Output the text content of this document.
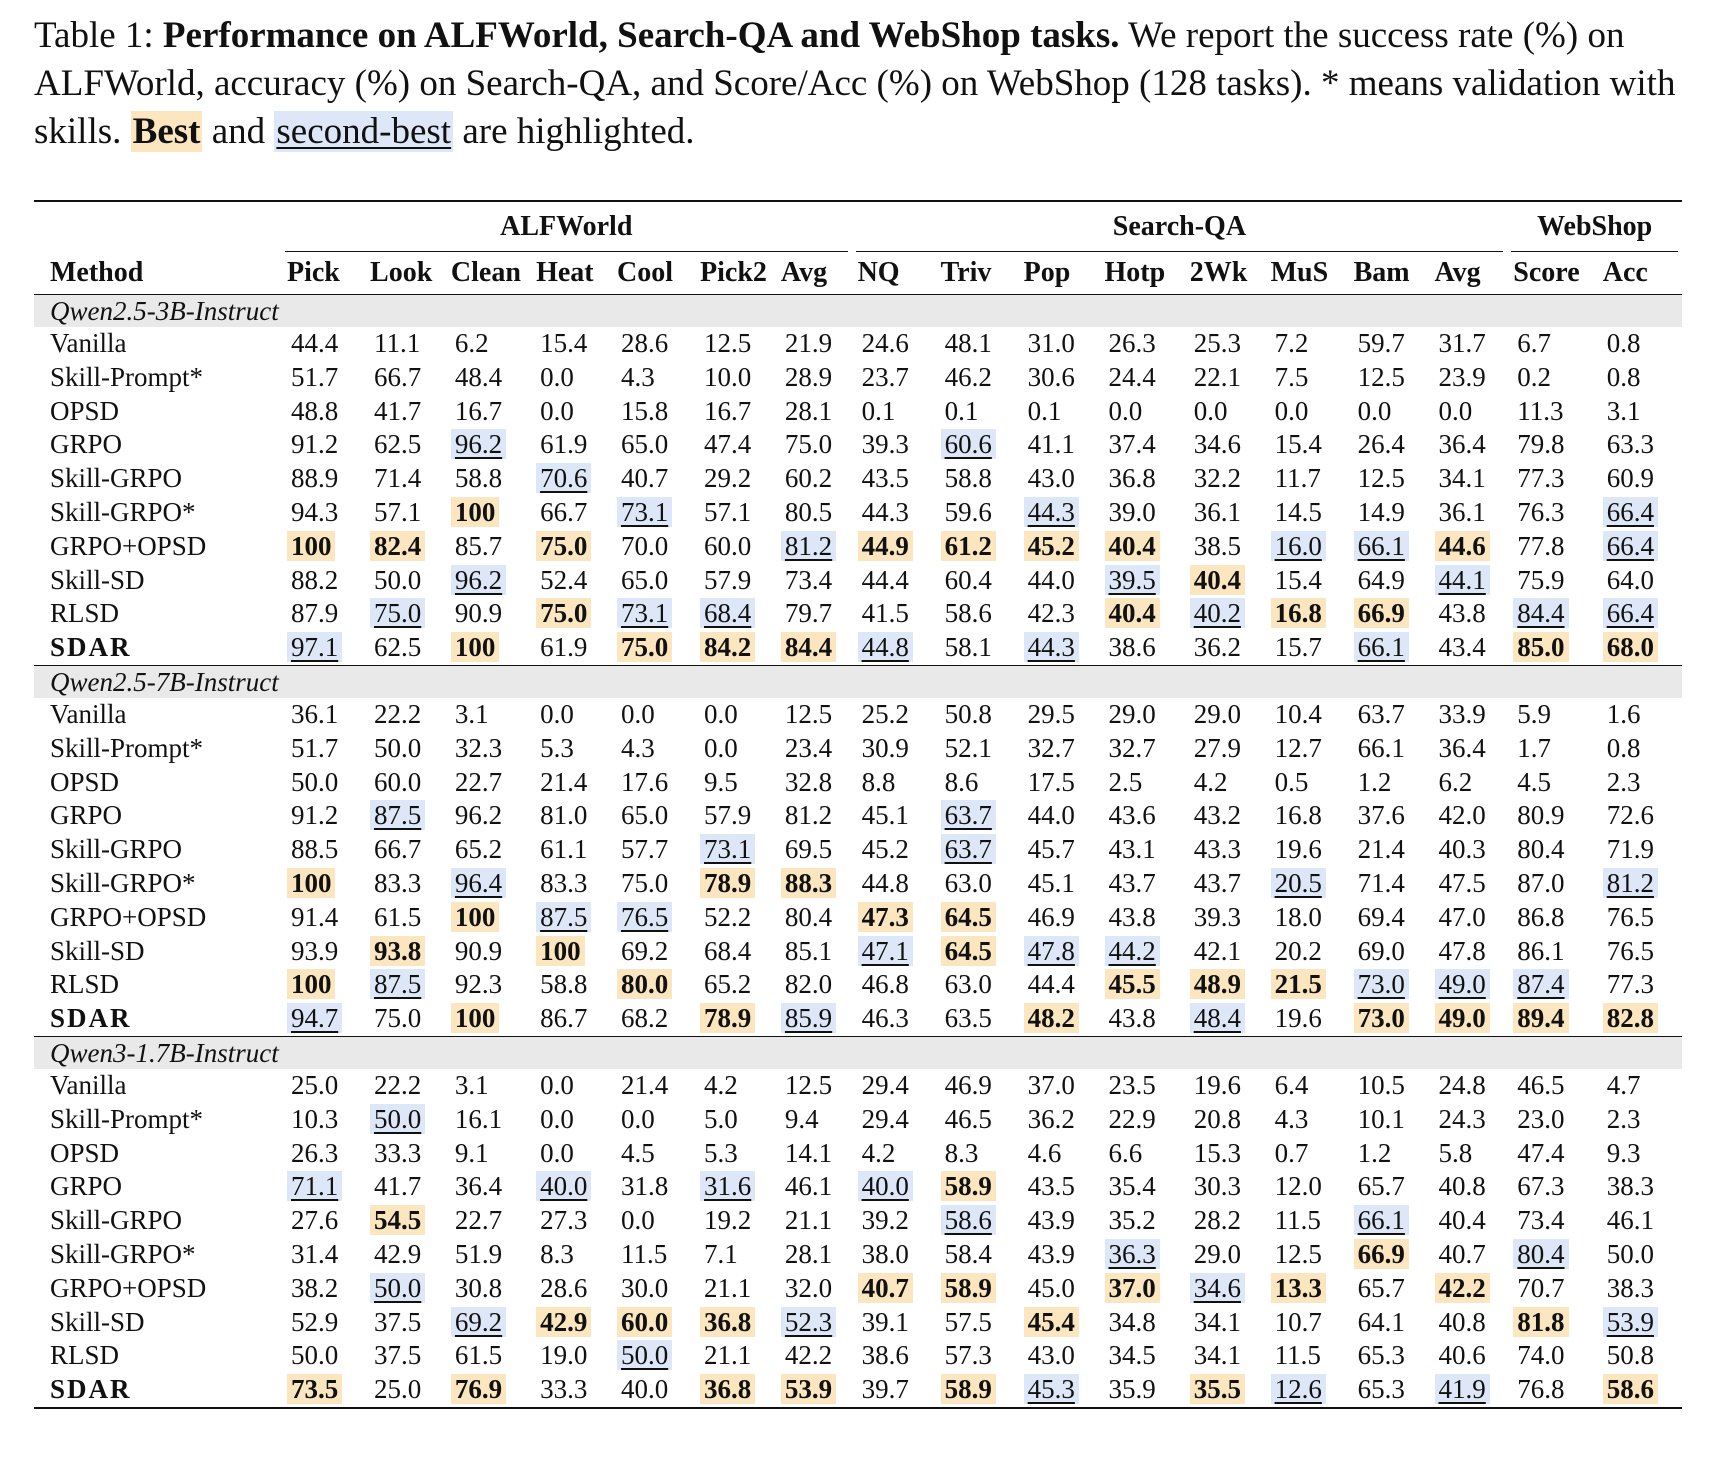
Table 1: Performance on ALFWorld, Search-QA and WebShop tasks. We report the success rate (%) on ALFWorld, accuracy (%) on Search-QA, and Score/Acc (%) on WebShop (128 tasks). * means validation with skills. Best and second-best are highlighted.
	ALFWorld							Search-QA								WebShop	
Method	Pick	Look	Clean	Heat	Cool	Pick2	Avg	NQ	Triv	Pop	Hotp	2Wk	MuS	Bam	Avg	Score	Acc
Qwen2.5-3B-Instruct																	
Vanilla	44.4	11.1	6.2	15.4	28.6	12.5	21.9	24.6	48.1	31.0	26.3	25.3	7.2	59.7	31.7	6.7	0.8
Skill-Prompt*	51.7	66.7	48.4	0.0	4.3	10.0	28.9	23.7	46.2	30.6	24.4	22.1	7.5	12.5	23.9	0.2	0.8
OPSD	48.8	41.7	16.7	0.0	15.8	16.7	28.1	0.1	0.1	0.1	0.0	0.0	0.0	0.0	0.0	11.3	3.1
GRPO	91.2	62.5	96.2	61.9	65.0	47.4	75.0	39.3	60.6	41.1	37.4	34.6	15.4	26.4	36.4	79.8	63.3
Skill-GRPO	88.9	71.4	58.8	70.6	40.7	29.2	60.2	43.5	58.8	43.0	36.8	32.2	11.7	12.5	34.1	77.3	60.9
Skill-GRPO*	94.3	57.1	100	66.7	73.1	57.1	80.5	44.3	59.6	44.3	39.0	36.1	14.5	14.9	36.1	76.3	66.4
GRPO+OPSD	100	82.4	85.7	75.0	70.0	60.0	81.2	44.9	61.2	45.2	40.4	38.5	16.0	66.1	44.6	77.8	66.4
Skill-SD	88.2	50.0	96.2	52.4	65.0	57.9	73.4	44.4	60.4	44.0	39.5	40.4	15.4	64.9	44.1	75.9	64.0
RLSD	87.9	75.0	90.9	75.0	73.1	68.4	79.7	41.5	58.6	42.3	40.4	40.2	16.8	66.9	43.8	84.4	66.4
SDAR	97.1	62.5	100	61.9	75.0	84.2	84.4	44.8	58.1	44.3	38.6	36.2	15.7	66.1	43.4	85.0	68.0
Qwen2.5-7B-Instruct																	
Vanilla	36.1	22.2	3.1	0.0	0.0	0.0	12.5	25.2	50.8	29.5	29.0	29.0	10.4	63.7	33.9	5.9	1.6
Skill-Prompt*	51.7	50.0	32.3	5.3	4.3	0.0	23.4	30.9	52.1	32.7	32.7	27.9	12.7	66.1	36.4	1.7	0.8
OPSD	50.0	60.0	22.7	21.4	17.6	9.5	32.8	8.8	8.6	17.5	2.5	4.2	0.5	1.2	6.2	4.5	2.3
GRPO	91.2	87.5	96.2	81.0	65.0	57.9	81.2	45.1	63.7	44.0	43.6	43.2	16.8	37.6	42.0	80.9	72.6
Skill-GRPO	88.5	66.7	65.2	61.1	57.7	73.1	69.5	45.2	63.7	45.7	43.1	43.3	19.6	21.4	40.3	80.4	71.9
Skill-GRPO*	100	83.3	96.4	83.3	75.0	78.9	88.3	44.8	63.0	45.1	43.7	43.7	20.5	71.4	47.5	87.0	81.2
GRPO+OPSD	91.4	61.5	100	87.5	76.5	52.2	80.4	47.3	64.5	46.9	43.8	39.3	18.0	69.4	47.0	86.8	76.5
Skill-SD	93.9	93.8	90.9	100	69.2	68.4	85.1	47.1	64.5	47.8	44.2	42.1	20.2	69.0	47.8	86.1	76.5
RLSD	100	87.5	92.3	58.8	80.0	65.2	82.0	46.8	63.0	44.4	45.5	48.9	21.5	73.0	49.0	87.4	77.3
SDAR	94.7	75.0	100	86.7	68.2	78.9	85.9	46.3	63.5	48.2	43.8	48.4	19.6	73.0	49.0	89.4	82.8
Qwen3-1.7B-Instruct																	
Vanilla	25.0	22.2	3.1	0.0	21.4	4.2	12.5	29.4	46.9	37.0	23.5	19.6	6.4	10.5	24.8	46.5	4.7
Skill-Prompt*	10.3	50.0	16.1	0.0	0.0	5.0	9.4	29.4	46.5	36.2	22.9	20.8	4.3	10.1	24.3	23.0	2.3
OPSD	26.3	33.3	9.1	0.0	4.5	5.3	14.1	4.2	8.3	4.6	6.6	15.3	0.7	1.2	5.8	47.4	9.3
GRPO	71.1	41.7	36.4	40.0	31.8	31.6	46.1	40.0	58.9	43.5	35.4	30.3	12.0	65.7	40.8	67.3	38.3
Skill-GRPO	27.6	54.5	22.7	27.3	0.0	19.2	21.1	39.2	58.6	43.9	35.2	28.2	11.5	66.1	40.4	73.4	46.1
Skill-GRPO*	31.4	42.9	51.9	8.3	11.5	7.1	28.1	38.0	58.4	43.9	36.3	29.0	12.5	66.9	40.7	80.4	50.0
GRPO+OPSD	38.2	50.0	30.8	28.6	30.0	21.1	32.0	40.7	58.9	45.0	37.0	34.6	13.3	65.7	42.2	70.7	38.3
Skill-SD	52.9	37.5	69.2	42.9	60.0	36.8	52.3	39.1	57.5	45.4	34.8	34.1	10.7	64.1	40.8	81.8	53.9
RLSD	50.0	37.5	61.5	19.0	50.0	21.1	42.2	38.6	57.3	43.0	34.5	34.1	11.5	65.3	40.6	74.0	50.8
SDAR	73.5	25.0	76.9	33.3	40.0	36.8	53.9	39.7	58.9	45.3	35.9	35.5	12.6	65.3	41.9	76.8	58.6
